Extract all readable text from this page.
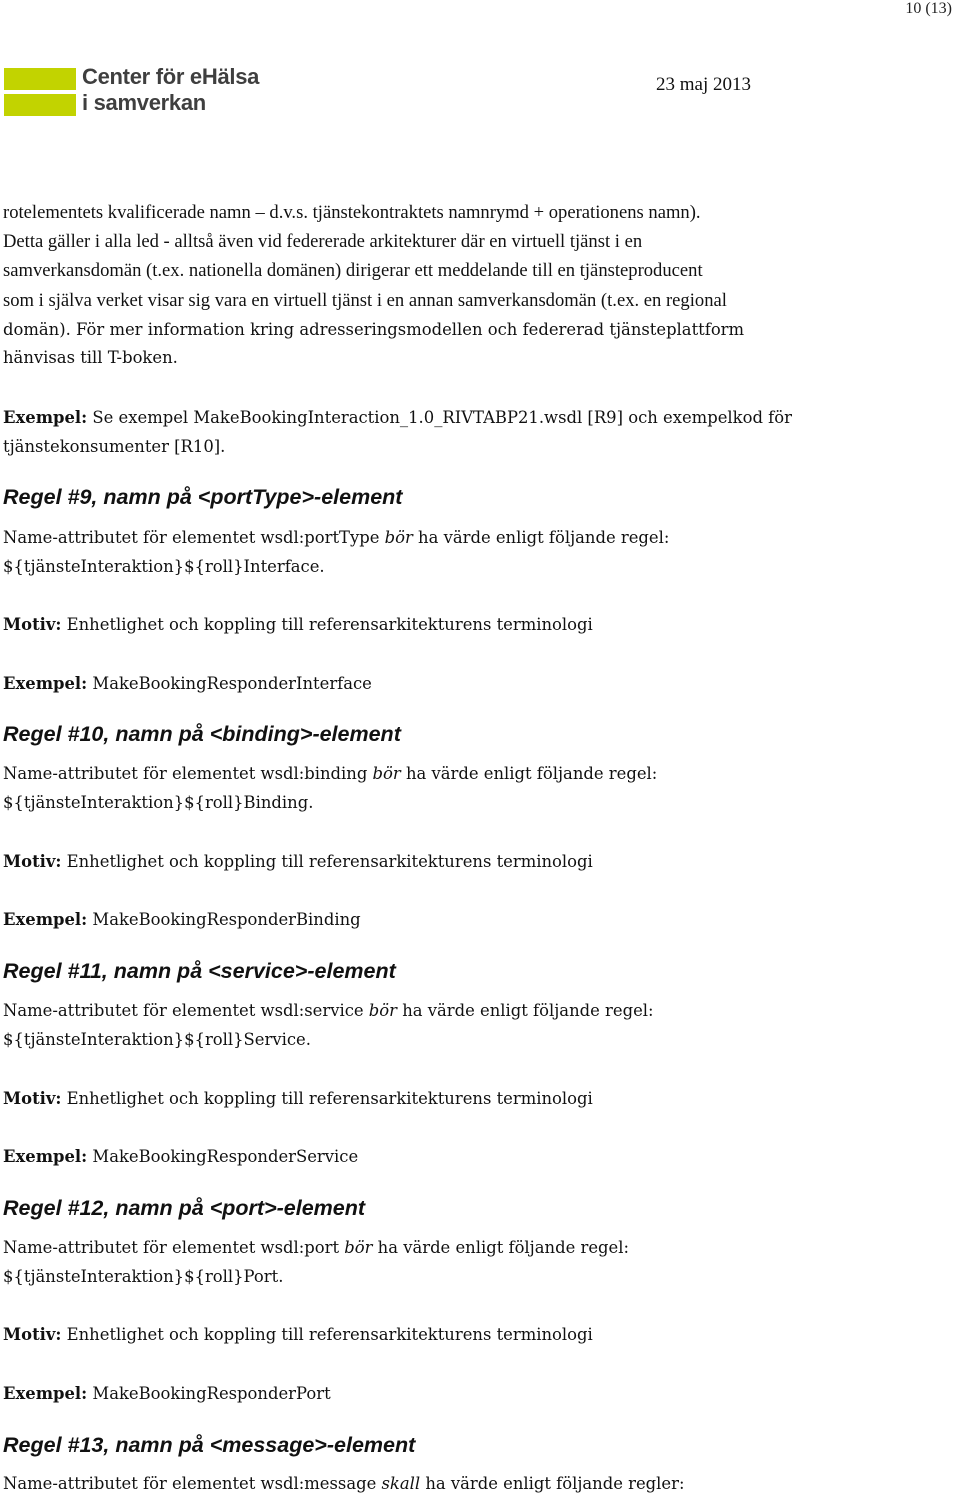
10 (13)
Center för eHälsa
i samverkan
23 maj 2013

rotelementets kvalificerade namn – d.v.s. tjänstekontraktets namnrymd + operationens namn).

Detta gäller i alla led - alltså även vid federerade arkitekturer där en virtuell tjänst i en

samverkansdomän (t.ex. nationella domänen) dirigerar ett meddelande till en tjänsteproducent

som i själva verket visar sig vara en virtuell tjänst i en annan samverkansdomän (t.ex. en regional

domän). För mer information kring adresseringsmodellen och federerad tjänsteplattform

hänvisas till T-boken.

Exempel: Se exempel MakeBookingInteraction_1.0_RIVTABP21.wsdl [R9] och exempelkod för

tjänstekonsumenter [R10].

Regel #9, namn på <portType>-element

Name-attributet för elementet wsdl:portType bör ha värde enligt följande regel:

${tjänsteInteraktion}${roll}Interface.

Motiv: Enhetlighet och koppling till referensarkitekturens terminologi

Exempel: MakeBookingResponderInterface

Regel #10, namn på <binding>-element

Name-attributet för elementet wsdl:binding bör ha värde enligt följande regel:

${tjänsteInteraktion}${roll}Binding.

Motiv: Enhetlighet och koppling till referensarkitekturens terminologi

Exempel: MakeBookingResponderBinding

Regel #11, namn på <service>-element

Name-attributet för elementet wsdl:service bör ha värde enligt följande regel:

${tjänsteInteraktion}${roll}Service.

Motiv: Enhetlighet och koppling till referensarkitekturens terminologi

Exempel: MakeBookingResponderService

Regel #12, namn på <port>-element

Name-attributet för elementet wsdl:port bör ha värde enligt följande regel:

${tjänsteInteraktion}${roll}Port.

Motiv: Enhetlighet och koppling till referensarkitekturens terminologi

Exempel: MakeBookingResponderPort

Regel #13, namn på <message>-element

Name-attributet för elementet wsdl:message skall ha värde enligt följande regler:
